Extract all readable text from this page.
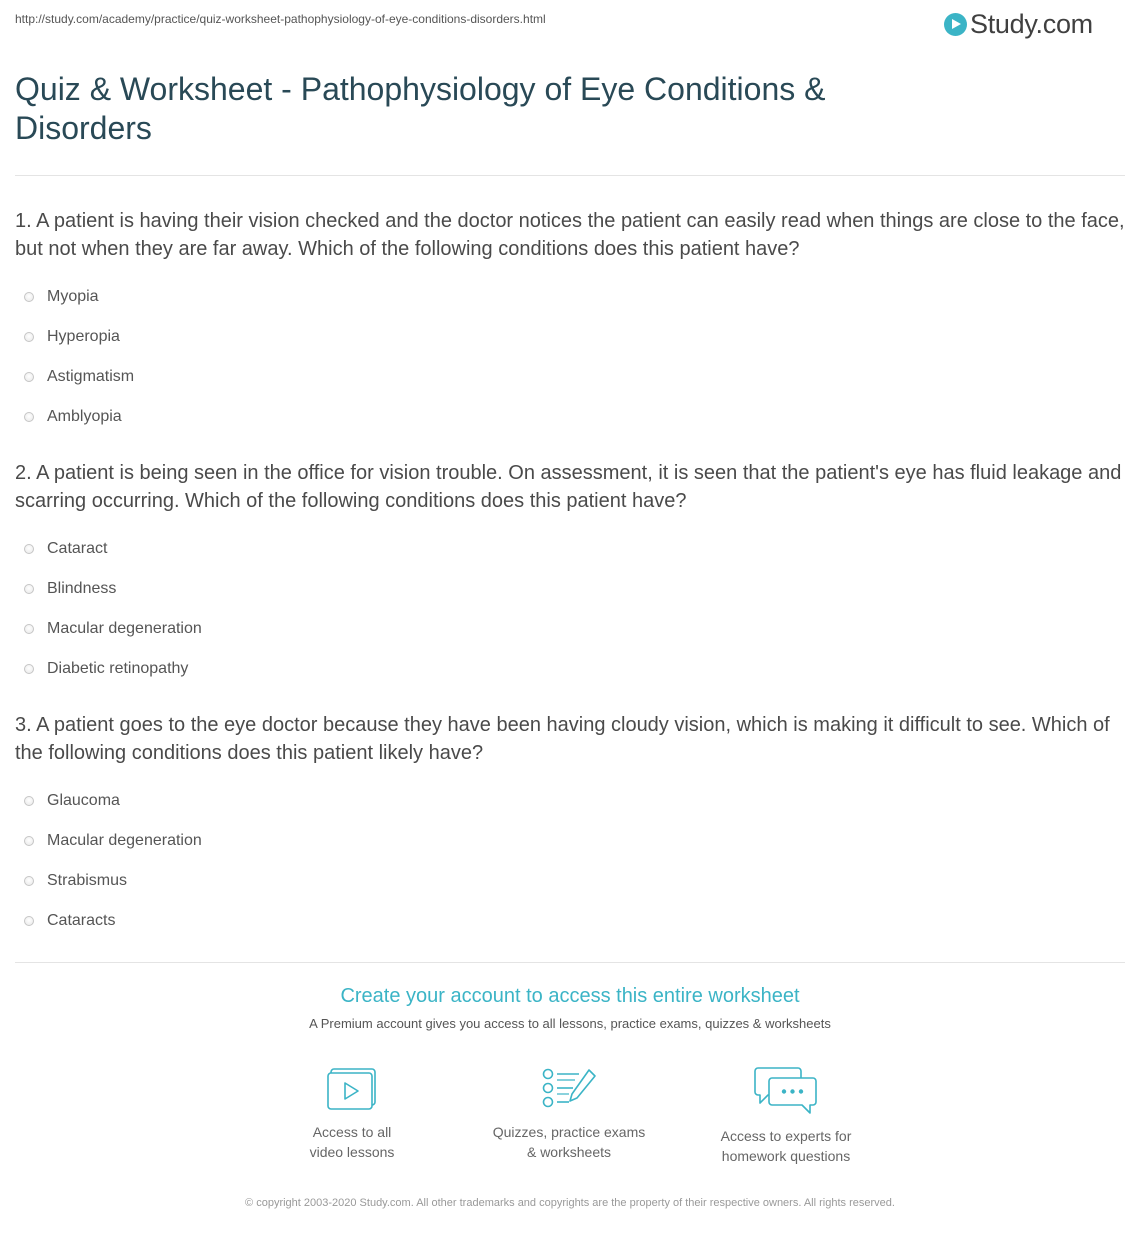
http://study.com/academy/practice/quiz-worksheet-pathophysiology-of-eye-conditions-disorders.html	Study.com
Quiz & Worksheet - Pathophysiology of Eye Conditions & Disorders
1. A patient is having their vision checked and the doctor notices the patient can easily read when things are close to the face, but not when they are far away. Which of the following conditions does this patient have?
Myopia
Hyperopia
Astigmatism
Amblyopia
2. A patient is being seen in the office for vision trouble. On assessment, it is seen that the patient's eye has fluid leakage and scarring occurring. Which of the following conditions does this patient have?
Cataract
Blindness
Macular degeneration
Diabetic retinopathy
3. A patient goes to the eye doctor because they have been having cloudy vision, which is making it difficult to see. Which of the following conditions does this patient likely have?
Glaucoma
Macular degeneration
Strabismus
Cataracts
Create your account to access this entire worksheet
A Premium account gives you access to all lessons, practice exams, quizzes & worksheets
Access to all
video lessons
Quizzes, practice exams
& worksheets
Access to experts for
homework questions
© copyright 2003-2020 Study.com. All other trademarks and copyrights are the property of their respective owners. All rights reserved.
